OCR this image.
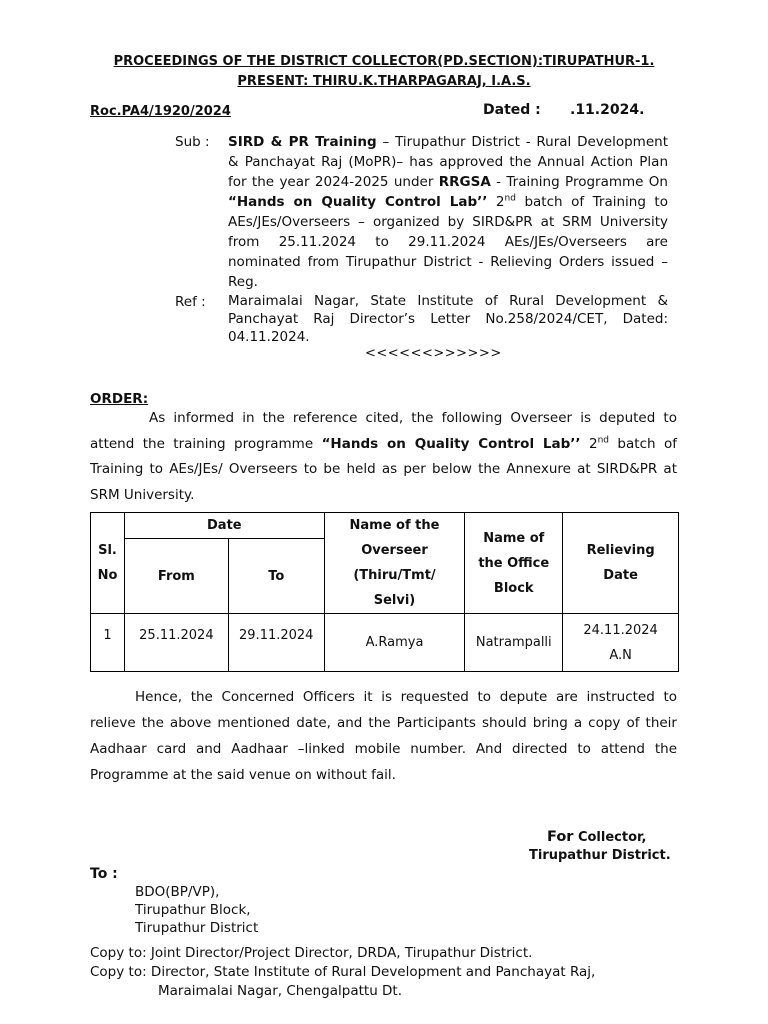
PROCEEDINGS OF THE DISTRICT COLLECTOR(PD.SECTION):TIRUPATHUR-1.
PRESENT: THIRU.K.THARPAGARAJ, I.A.S.
Roc.PA4/1920/2024	Dated :      .11.2024.
Sub : SIRD & PR Training – Tirupathur District - Rural Development & Panchayat Raj (MoPR)– has approved the Annual Action Plan for the year 2024-2025 under RRGSA - Training Programme On “Hands on Quality Control Lab’’ 2nd batch of Training to AEs/JEs/Overseers – organized by SIRD&PR at SRM University from 25.11.2024 to 29.11.2024 AEs/JEs/Overseers are nominated from Tirupathur District - Relieving Orders issued – Reg.
Ref : Maraimalai Nagar, State Institute of Rural Development & Panchayat Raj Director’s Letter No.258/2024/CET, Dated: 04.11.2024.
<<<<<<>>>>>>
ORDER:
As informed in the reference cited, the following Overseer is deputed to attend the training programme “Hands on Quality Control Lab’’ 2nd batch of Training to AEs/JEs/ Overseers to be held as per below the Annexure at SIRD&PR at SRM University.
Sl.
No	Date		Name of the
Overseer
(Thiru/Tmt/
Selvi)	Name of
the Office
Block	Relieving
Date

	From	To			
1	25.11.2024	29.11.2024	A.Ramya	Natrampalli	24.11.2024
A.N
Hence, the Concerned Officers it is requested to depute are instructed to relieve the above mentioned date, and the Participants should bring a copy of their Aadhaar card and Aadhaar –linked mobile number. And directed to attend the Programme at the said venue on without fail.
For Collector,
Tirupathur District.
To :
BDO(BP/VP),
Tirupathur Block,
Tirupathur District
Copy to: Joint Director/Project Director, DRDA, Tirupathur District.
Copy to: Director, State Institute of Rural Development and Panchayat Raj,
Maraimalai Nagar, Chengalpattu Dt.
